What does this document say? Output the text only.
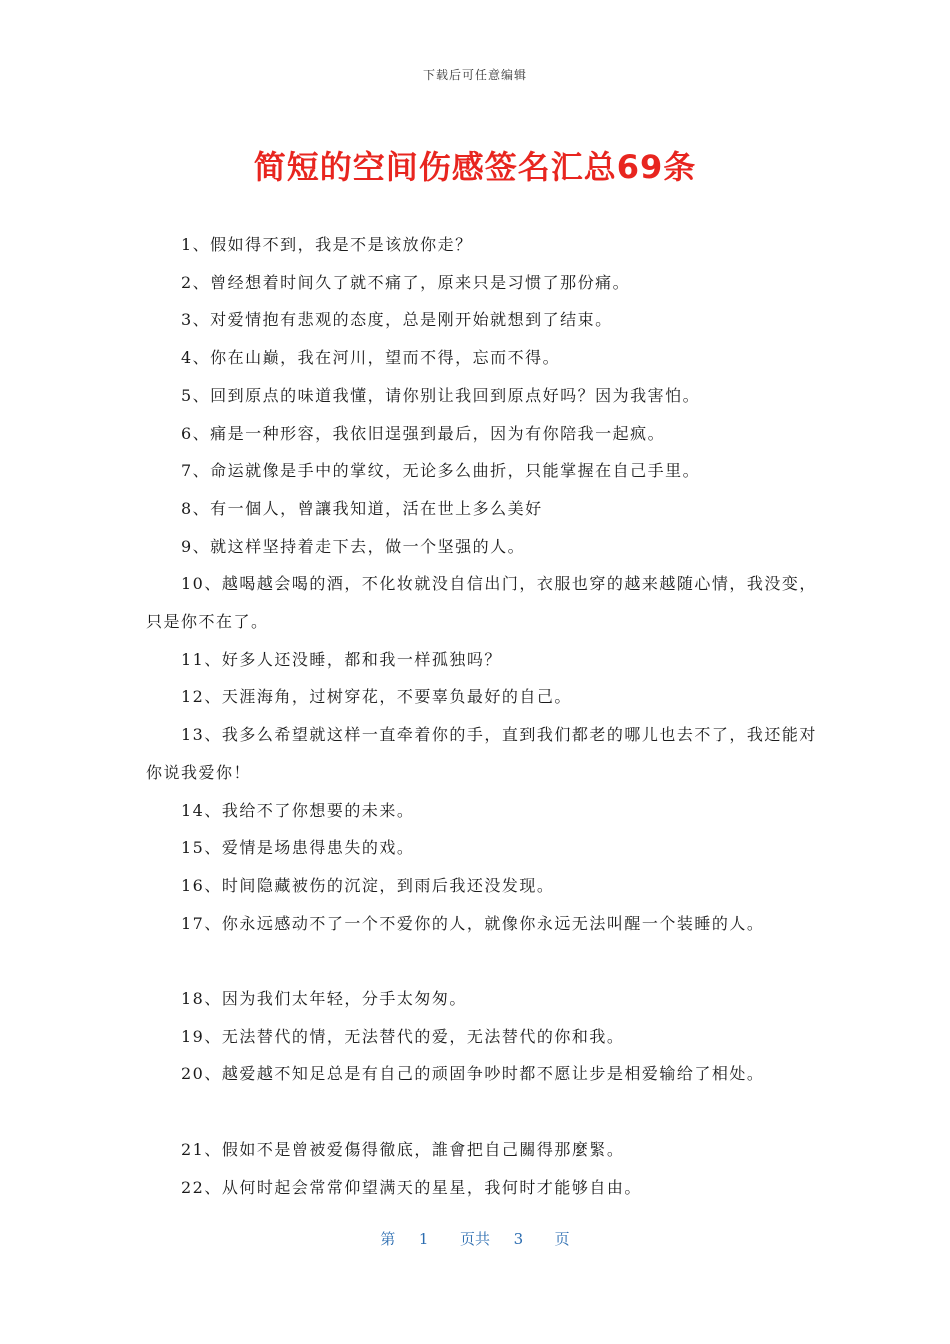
下载后可任意编辑
简短的空间伤感签名汇总69条

1、假如得不到，我是不是该放你走？

2、曾经想着时间久了就不痛了，原来只是习惯了那份痛。

3、对爱情抱有悲观的态度，总是刚开始就想到了结束。

4、你在山巅，我在河川，望而不得，忘而不得。

5、回到原点的味道我懂，请你别让我回到原点好吗？因为我害怕。

6、痛是一种形容，我依旧逞强到最后，因为有你陪我一起疯。

7、命运就像是手中的掌纹，无论多么曲折，只能掌握在自己手里。

8、有一個人，曾讓我知道，活在世上多么美好

9、就这样坚持着走下去，做一个坚强的人。

10、越喝越会喝的酒，不化妆就没自信出门，衣服也穿的越来越随心情，我没变，只是你不在了。

11、好多人还没睡，都和我一样孤独吗？

12、天涯海角，过树穿花，不要辜负最好的自己。

13、我多么希望就这样一直牵着你的手，直到我们都老的哪儿也去不了，我还能对你说我爱你！

14、我给不了你想要的未来。

15、爱情是场患得患失的戏。

16、时间隐藏被伤的沉淀，到雨后我还没发现。

17、你永远感动不了一个不爱你的人，就像你永远无法叫醒一个装睡的人。

18、因为我们太年轻，分手太匆匆。

19、无法替代的情，无法替代的爱，无法替代的你和我。

20、越爱越不知足总是有自己的顽固争吵时都不愿让步是相爱输给了相处。

21、假如不是曾被爱傷得徹底，誰會把自己關得那麼緊。

22、从何时起会常常仰望满天的星星，我何时才能够自由。

第 1 页共 3 页
